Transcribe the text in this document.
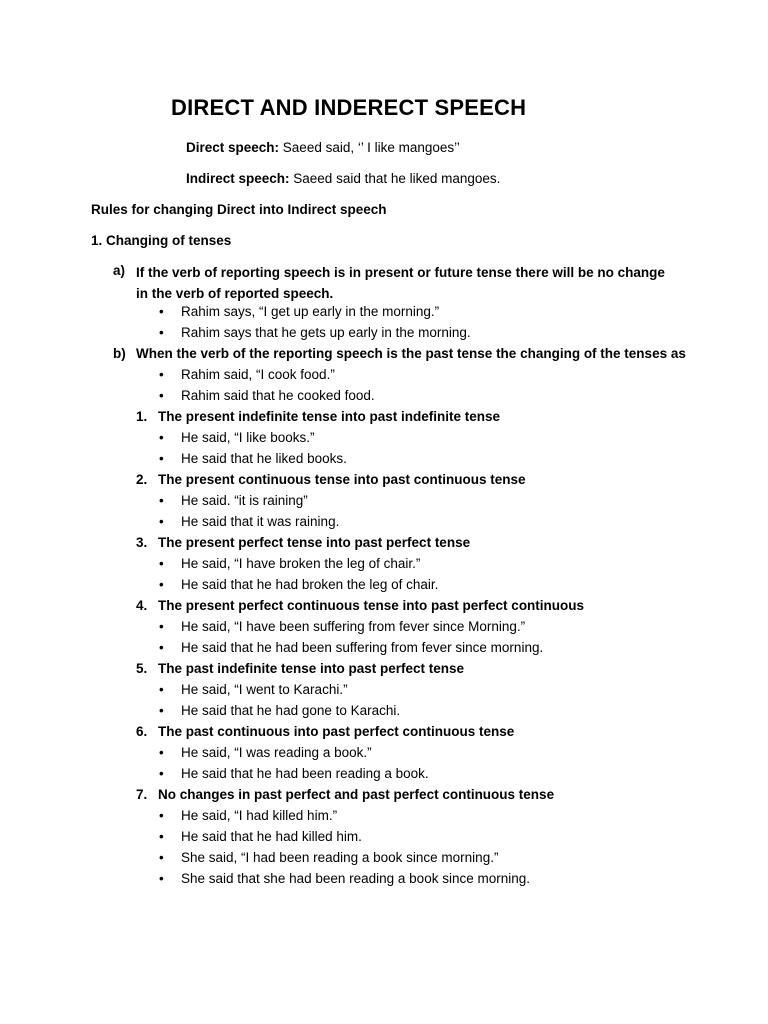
DIRECT AND INDERECT SPEECH
Direct speech: Saeed said, ‘’ I like mangoes’’
Indirect speech: Saeed said that he liked mangoes.
Rules for changing Direct into Indirect speech
1. Changing of tenses
a) If the verb of reporting speech is in present or future tense there will be no change in the verb of reported speech.
b) When the verb of the reporting speech is the past tense the changing of the tenses as
• Rahim says, “I get up early in the morning.”
• Rahim says that he gets up early in the morning.
• Rahim said, “I cook food.”
• Rahim said that he cooked food.
1. The present indefinite tense into past indefinite tense
• He said, “I like books.”
• He said that he liked books.
2. The present continuous tense into past continuous tense
• He said. “it is raining”
• He said that it was raining.
3. The present perfect tense into past perfect tense
• He said, “I have broken the leg of chair.”
• He said that he had broken the leg of chair.
4. The present perfect continuous tense into past perfect continuous
• He said, “I have been suffering from fever since Morning.”
• He said that he had been suffering from fever since morning.
5. The past indefinite tense into past perfect tense
• He said, “I went to Karachi.”
• He said that he had gone to Karachi.
6. The past continuous into past perfect continuous tense
• He said, “I was reading a book.”
• He said that he had been reading a book.
7. No changes in past perfect and past perfect continuous tense
• He said, “I had killed him.”
• He said that he had killed him.
• She said, “I had been reading a book since morning.”
• She said that she had been reading a book since morning.
